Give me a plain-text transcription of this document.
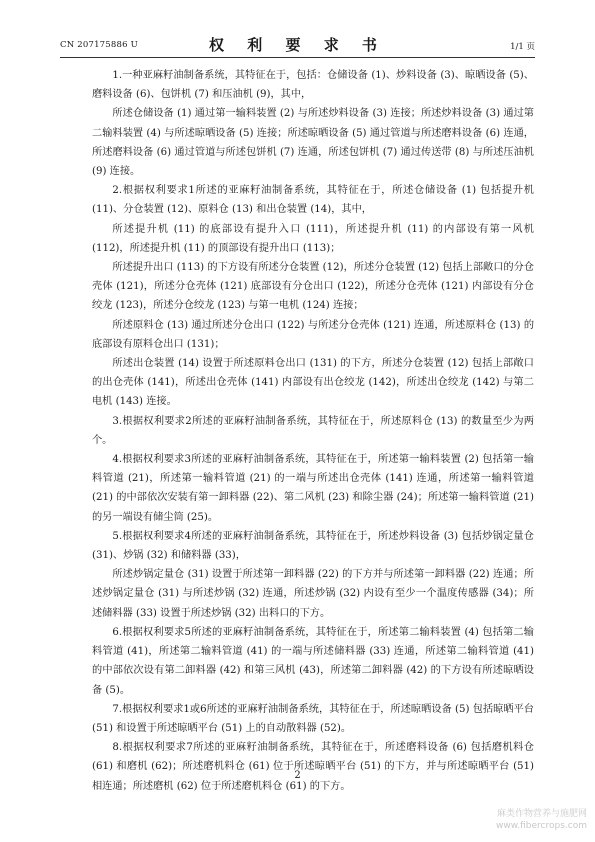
CN 207175886 U	权 利 要 求 书	1/1 页

1.一种亚麻籽油制备系统，其特征在于，包括：仓储设备 (1)、炒料设备 (3)、晾晒设备 (5)、磨料设备 (6)、包饼机 (7) 和压油机 (9)，其中，

所述仓储设备 (1) 通过第一输料装置 (2) 与所述炒料设备 (3) 连接；所述炒料设备 (3) 通过第二输料装置 (4) 与所述晾晒设备 (5) 连接；所述晾晒设备 (5) 通过管道与所述磨料设备 (6) 连通，所述磨料设备 (6) 通过管道与所述包饼机 (7) 连通，所述包饼机 (7) 通过传送带 (8) 与所述压油机 (9) 连接。

2.根据权利要求1所述的亚麻籽油制备系统，其特征在于，所述仓储设备 (1) 包括提升机 (11)、分仓装置 (12)、原料仓 (13) 和出仓装置 (14)，其中，

所述提升机 (11) 的底部设有提升入口 (111)，所述提升机 (11) 的内部设有第一风机 (112)，所述提升机 (11) 的顶部设有提升出口 (113)；

所述提升出口 (113) 的下方设有所述分仓装置 (12)，所述分仓装置 (12) 包括上部敞口的分仓壳体 (121)，所述分仓壳体 (121) 底部设有分仓出口 (122)，所述分仓壳体 (121) 内部设有分仓绞龙 (123)，所述分仓绞龙 (123) 与第一电机 (124) 连接；

所述原料仓 (13) 通过所述分仓出口 (122) 与所述分仓壳体 (121) 连通，所述原料仓 (13) 的底部设有原料仓出口 (131)；

所述出仓装置 (14) 设置于所述原料仓出口 (131) 的下方，所述分仓装置 (12) 包括上部敞口的出仓壳体 (141)，所述出仓壳体 (141) 内部设有出仓绞龙 (142)，所述出仓绞龙 (142) 与第二电机 (143) 连接。

3.根据权利要求2所述的亚麻籽油制备系统，其特征在于，所述原料仓 (13) 的数量至少为两个。

4.根据权利要求3所述的亚麻籽油制备系统，其特征在于，所述第一输料装置 (2) 包括第一输料管道 (21)，所述第一输料管道 (21) 的一端与所述出仓壳体 (141) 连通，所述第一输料管道 (21) 的中部依次安装有第一卸料器 (22)、第二风机 (23) 和除尘器 (24)；所述第一输料管道 (21) 的另一端设有储尘筒 (25)。

5.根据权利要求4所述的亚麻籽油制备系统，其特征在于，所述炒料设备 (3) 包括炒锅定量仓 (31)、炒锅 (32) 和储料器 (33)，

所述炒锅定量仓 (31) 设置于所述第一卸料器 (22) 的下方并与所述第一卸料器 (22) 连通；所述炒锅定量仓 (31) 与所述炒锅 (32) 连通，所述炒锅 (32) 内设有至少一个温度传感器 (34)；所述储料器 (33) 设置于所述炒锅 (32) 出料口的下方。

6.根据权利要求5所述的亚麻籽油制备系统，其特征在于，所述第二输料装置 (4) 包括第二输料管道 (41)，所述第二输料管道 (41) 的一端与所述储料器 (33) 连通，所述第二输料管道 (41) 的中部依次设有第二卸料器 (42) 和第三风机 (43)，所述第二卸料器 (42) 的下方设有所述晾晒设备 (5)。

7.根据权利要求1或6所述的亚麻籽油制备系统，其特征在于，所述晾晒设备 (5) 包括晾晒平台 (51) 和设置于所述晾晒平台 (51) 上的自动散料器 (52)。

8.根据权利要求7所述的亚麻籽油制备系统，其特征在于，所述磨料设备 (6) 包括磨机料仓 (61) 和磨机 (62)；所述磨机料仓 (61) 位于所述晾晒平台 (51) 的下方，并与所述晾晒平台 (51) 相连通；所述磨机 (62) 位于所述磨机料仓 (61) 的下方。

2
麻类作物营养与施肥网
www.fibercrops.com
